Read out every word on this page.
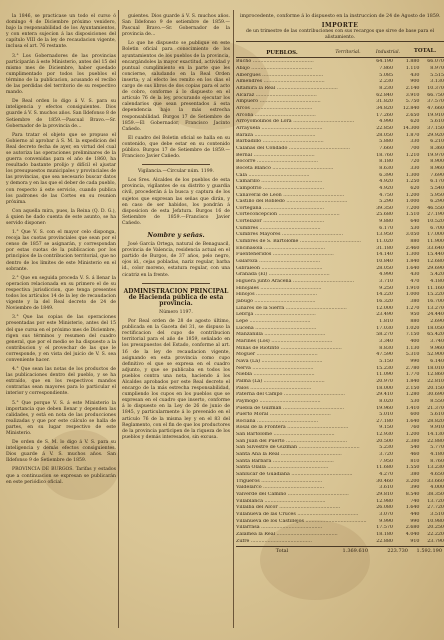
la 1846, se practicase un todo el curso ó domingo 4 de Diciembre próximo venidero, bajo la responsabilidad de los Ayuntamientos, y con entera sujecion á las disposiciones del capítulo VIII de la ley de recaudacion vigente, inclusa el art. 76 restante.

3.° Los Gobernadores de las provincias participarán á este Ministerio, antes del 15 del mismo mes de Diciembre, haber quedado cumplimentado por todos los pueblos el término de la publicacion, acusando el recibo de las perdidas del territorio de su respectivo mando.

De Real orden lo digo á V. S. para su inteligencia y efectos consiguientes. Dios guarde á V. S. muchos años. San Ildefonso 8 de Setiembre de 1859.—Pascual Bravo.—Sr. Gobernador de la provincia de…

Para tratar el objeto que se propuso el Gobierno al aprobar á S. M. la expedicion del Real decreto fecha de ayer, en virtud del cual se autoriza las operaciones preliminares de la guerra convenidas para el año de 1860, ha resultado bastante prolijo y difícil el ajustar los presupuestos municipales y provinciales de las provincias, que sea necesario buscar datos y demora y en las que el deber de cada pueblo, con respecto á este servicio, cuando publica los padrones de las Cortes en su reunion próxima.

Con aquella mira, pues, la Reina (Q. D. G.), á quien he dado cuenta de este asunto, se ha servido disponer:

1.° Que V. S. con el mayor celo disponga, recoja las cuotas provinciales que sean por el censo de 1857 se asignarán, y correspondan por estas cuotas de la publicacion por los principios de la contribucion territorial, que no dentro de los límites de este Ministerio en el sobrante.

2.° Que en seguida proceda V. S. á llenar la operacion relacionada en su primero el de su respectiva jurisdiccion, que tenga presentes todos los artículos 14 de la ley de recaudacion vigente y la del Real decreto de 24 de Noviembre de 1849.

3.° Que las copias de las operaciones presentadas por este Ministerio, antes del 15 del que cursa en el próximo mes de Diciembre, rigen sus términos y resumen del cuadro general, que por el medio se ha dispuesto a la contribucion y el provechar de las que le corresponde, y en vista del juicio de V. S. sea conveniente hacer.

4.° Que sean las notas de los productos de las publicaciones dentro del pueblo, y se ha extraído, que en los respectivos mandos contrarias sean mayores para lo particular el interior y correspondiente.

5.° Que porque V. S. á este Ministerio la importancia que deben llenar y dependen las calidades, y está en nota de las producciones realizadas y que por este cálculo se halla de partes, en su lugar respectivo de este Ministerio.

De orden de S. M. lo digo á V. S. para su inteligencia y demás efectos consiguientes. Dios guarde á V. S. muchos años. San Ildefonso 9 de Setiembre de 1859.

PROVINCIA DE BURGOS. Tarifas y estados que a continuacion se expresan se publicarán en este periódico oficial.

guientes. Dios guarde á V. S. muchos años. San Ildefonso 9 de setiembre de 1859.—Pascual Bravo.—Sr. Gobernador de la provincia de…

Lo que he dispuesto se publique en este Boletin oficial para conocimiento de los ayuntamientos de los pueblos de la provincia, encargándoles la mayor exactitud, actividad y puntual cumplimiento en la parte que les concierne, saludando en la Real Orden inserta; y al efecto les remito en los dias el cargo de sus libros de dos copias para el acto de cobro, conforme á lo dispuesto en el artículo 76 de la ley, procurando ejecutar los calendarios que sean presentados á esta dependencia bajo la más estrecha responsabilidad. Burgos 17 de Setiembre de 1859.—El Gobernador, Francisco Jacinto Cañedo.

El cuadro del Boletin oficial se halla en su contenido, que debe estar en su contenido público. Burgos 17 de Setiembre de 1859.—Francisco Javier Cañedo.

Vigilancia.—Circular núm. 1199.

Los Sres. Alcaldes de los pueblos de esta provincia, vigilantes de su distrito y guardia civil, procederán á la busca y captura de los sujetos que expresan las señas que dirán, y en caso de ser habidos, los pondrán á disposicion de esta Jefatura. Burgos 16 de Setiembre de 1859.—Francisco Javier Cañedo.

Nombre y señas.

José García Ortega, natural de Benaguacil, provincia de Valencia, residencia actual en el partido de Burgos, de 37 años, pelo negro, ojos id., cejas pobladas, nariz regular, barba id., color moreno, estatura regular, con una cicatriz en la frente.

ADMINISTRACION PRINCIPAL de Hacienda pública de esta provincia.

Número 1197.

Por Real orden de 28 de agosto último, publicada en la Gaceta del 31, se dispuso la rectificacion del cupo de contribucion territorial para el año de 1859, señalado en los presupuestos del Estado, conforme al art. 16 de la ley de recaudacion vigente, asignando en esta provincia como cupo definitivo el que se expresa en el cuadro adjunto, y que se publicaba en todos los pueblos contra una nota, haciendo á los Alcaldes aprobados por este Real decreto el encargo de la más estrecha responsabilidad, cumpliendo los cupos en los pueblos que se expresan en el cuadro que inserto, conforme á lo dispuesto en la Ley de 26 de junio de 1845, y particularmente á lo prevenido en el artículo 76 de la misma ley y en el 83 del Reglamento, con el fin de que los productores de la provincia participen de la riqueza de los pueblos y demás interesados, sin excusa.

improcedente, conforme á lo dispuesto en la instruccion de 24 de Agosto de 1859.
IMPORTE
de un trimestre de las contribuciones con sus recargos que sirve de base para el alistamiento.
PUEBLOS.	Territorial.	Industrial.	TOTAL.
Bucho ........................................	64.190	1.880	66.070
Abajo ........................................	7.860	1.110	8.970
Albérgues ........................................	5.085	430	5.515
Almendres ........................................	2.230	900	3.130
Altamira la Real ........................................	8.230	2.140	10.370
Alcaraz ........................................	62.840	3.910	66.750
Ampuero ........................................	31.820	5.750	37.570
Arcos ........................................	34.820	12.840	47.660
Arcoba ........................................	17.260	2.650	19.910
Arroyomolinos de Lora ........................................	4.990	620	5.610
Arrayuela ........................................	22.850	14.300	37.150
Baraza ........................................	28.050	1.870	29.920
Barbadillo ........................................	5.880	330	6.210
Calañas del Condado ........................................	7.660	700	8.360
Bernal ........................................	18.760	1.210	19.970
Bocorre ........................................	8.180	720	8.900
Boceta Blanco ........................................	8.630	330	8.960
Cala ........................................	6.390	1.300	7.690
Camarillo ........................................	4.920	1.250	6.170
Campofrio ........................................	4.920	620	5.540
Cañaveral de Leon ........................................	4.750	1.200	5.950
Castillo del Robledo ........................................	5.290	1.000	6.290
Cortegana ........................................	39.350	7.200	46.550
Corteconcepcion ........................................	25.680	1.510	27.190
Cortelazor ........................................	9.880	640	10.520
Cumbres ........................................	6.170	530	6.700
Cumbres Mayores ........................................	13.950	3.050	17.000
Cumbres de S. Bartolomé ........................................	11.020	880	11.900
Encinasola ........................................	31.180	2.460	33.640
Fuenteheridos ........................................	14.140	1.300	15.440
Galaroza ........................................	10.840	1.840	12.680
Gibraleón ........................................	28.050	1.640	29.690
Granada (El) ........................................	4.990	430	5.420
Higuera junto Aracena ........................................	3.710	470	4.180
Hinojales ........................................	9.250	1.910	11.160
Hinojos ........................................	14.220	1.000	15.220
Jabugo ........................................	16.320	380	16.700
Linares de la Sierra ........................................	12.000	1.270	13.270
Lebrija ........................................	23.490	950	24.440
Lepe ........................................	1.810	880	2.690
Lucena ........................................	17.030	1.020	18.050
Manzanilla ........................................	58.270	7.150	65.420
Marines (Los) ........................................	3.340	400	3.740
Minas de Riotinto ........................................	8.830	1.130	9.960
Moguer ........................................	47.590	5.310	52.900
Nava (La) ........................................	5.150	990	6.140
Nerva ........................................	15.230	2.780	18.010
Niebla ........................................	11.090	1.770	12.860
Palma (La) ........................................	20.970	1.840	22.810
Palos ........................................	18.000	2.150	20.150
Paterna del Campo ........................................	29.410	1.280	30.690
Paymogo ........................................	8.020	530	8.550
Puebla de Guzmán ........................................	19.960	1.410	21.370
Puerto Moral ........................................	5.010	600	5.610
Rociana ........................................	27.180	1.640	28.820
Rosal de la Frontera ........................................	9.150	760	9.910
San Bartolomé ........................................	12.930	1.200	14.130
San Juan del Puerto ........................................	20.500	2.380	22.880
San Silvestre de Guzmán ........................................	5.230	540	5.770
Santa Ana la Real ........................................	3.720	460	4.180
Santa Bárbara ........................................	7.950	810	8.760
Santa Olalla ........................................	11.680	1.550	13.230
Sanlúcar de Guadiana ........................................	4.270	380	4.650
Trigueros ........................................	30.460	3.200	33.660
Valdelarco ........................................	3.610	390	4.000
Valverde del Camino ........................................	29.810	8.540	38.350
Villablanca ........................................	12.980	740	13.720
Villalba del Alcor ........................................	26.080	1.640	27.720
Villanueva de las Cruces ........................................	3.070	440	3.510
Villanueva de los Castillejos ........................................	9.990	990	10.980
Villarrasa ........................................	17.570	2.680	20.250
Zalamea la Real ........................................	18.180	4.040	22.220
Zufre ........................................	22.880	910	23.790
Total	1.369.610	223.730	1.592.190
